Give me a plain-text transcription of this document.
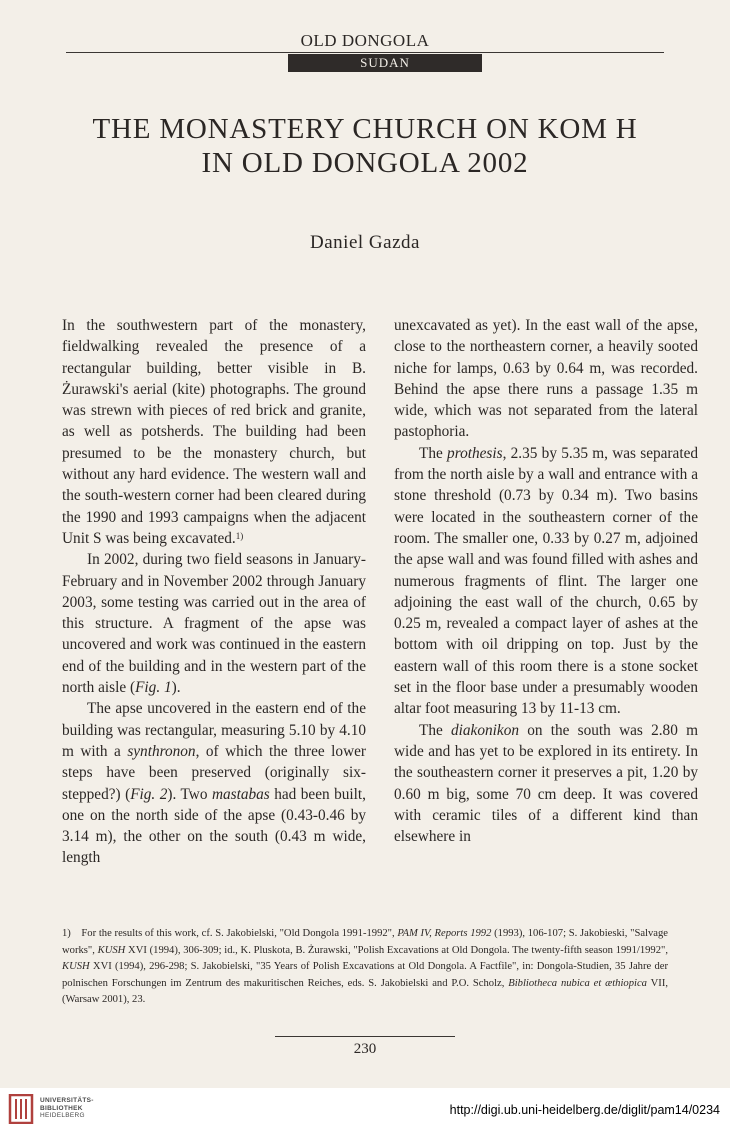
OLD DONGOLA
SUDAN
THE MONASTERY CHURCH ON KOM H
IN OLD DONGOLA 2002
Daniel Gazda

In the southwestern part of the monastery, fieldwalking revealed the presence of a rectangular building, better visible in B. Żurawski's aerial (kite) photographs. The ground was strewn with pieces of red brick and granite, as well as potsherds. The building had been presumed to be the monastery church, but without any hard evidence. The western wall and the south-western corner had been cleared during the 1990 and 1993 campaigns when the adjacent Unit S was being excavated.$^{1)}$

In 2002, during two field seasons in January-February and in November 2002 through January 2003, some testing was carried out in the area of this structure. A fragment of the apse was uncovered and work was continued in the eastern end of the building and in the western part of the north aisle (Fig. 1).

The apse uncovered in the eastern end of the building was rectangular, measuring 5.10 by 4.10 m with a synthronon, of which the three lower steps have been preserved (originally six-stepped?) (Fig. 2). Two mastabas had been built, one on the north side of the apse (0.43-0.46 by 3.14 m), the other on the south (0.43 m wide, length

unexcavated as yet). In the east wall of the apse, close to the northeastern corner, a heavily sooted niche for lamps, 0.63 by 0.64 m, was recorded. Behind the apse there runs a passage 1.35 m wide, which was not separated from the lateral pastophoria.

The prothesis, 2.35 by 5.35 m, was separated from the north aisle by a wall and entrance with a stone threshold (0.73 by 0.34 m). Two basins were located in the southeastern corner of the room. The smaller one, 0.33 by 0.27 m, adjoined the apse wall and was found filled with ashes and numerous fragments of flint. The larger one adjoining the east wall of the church, 0.65 by 0.25 m, revealed a compact layer of ashes at the bottom with oil dripping on top. Just by the eastern wall of this room there is a stone socket set in the floor base under a presumably wooden altar foot measuring 13 by 11-13 cm.

The diakonikon on the south was 2.80 m wide and has yet to be explored in its entirety. In the southeastern corner it preserves a pit, 1.20 by 0.60 m big, some 70 cm deep. It was covered with ceramic tiles of a different kind than elsewhere in

1) For the results of this work, cf. S. Jakobielski, "Old Dongola 1991-1992", PAM IV, Reports 1992 (1993), 106-107; S. Jakobieski, "Salvage works", KUSH XVI (1994), 306-309; id., K. Pluskota, B. Żurawski, "Polish Excavations at Old Dongola. The twenty-fifth season 1991/1992", KUSH XVI (1994), 296-298; S. Jakobielski, "35 Years of Polish Excavations at Old Dongola. A Factfile", in: Dongola-Studien, 35 Jahre der polnischen Forschungen im Zentrum des makuritischen Reiches, eds. S. Jakobielski and P.O. Scholz, Bibliotheca nubica et æthiopica VII, (Warsaw 2001), 23.
230
UNIVERSITÄTS-
BIBLIOTHEK
HEIDELBERG	http://digi.ub.uni-heidelberg.de/diglit/pam14/0234
